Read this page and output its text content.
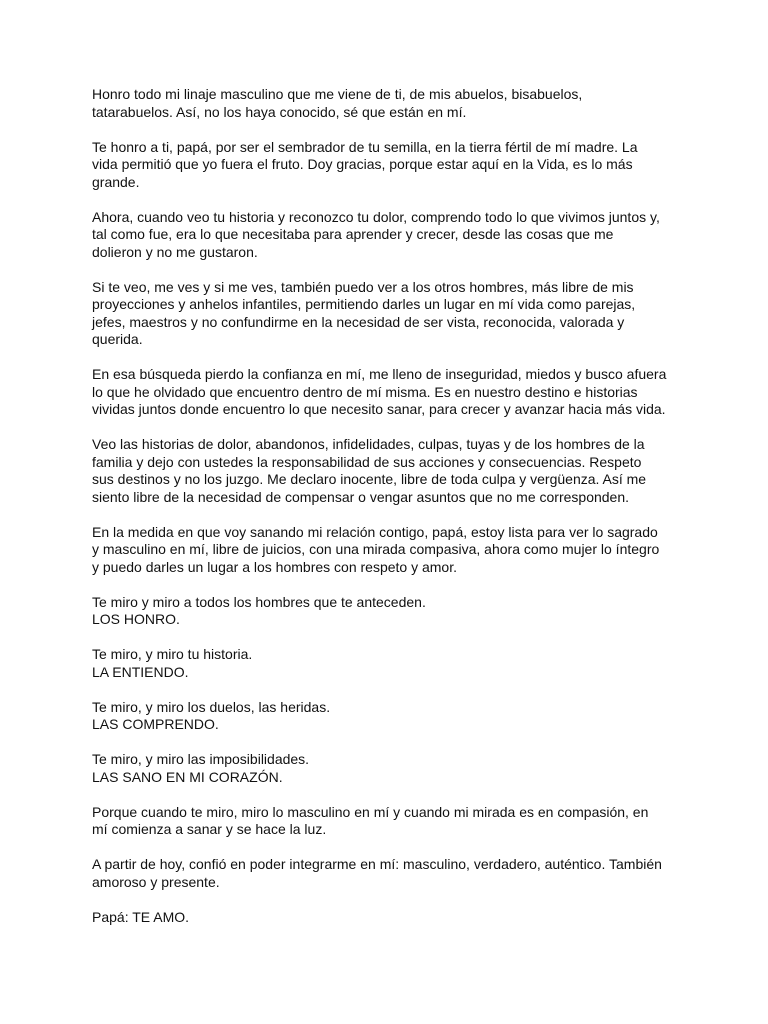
Honro todo mi linaje masculino que me viene de ti, de mis abuelos, bisabuelos,
tatarabuelos. Así, no los haya conocido, sé que están en mí.

Te honro a ti, papá, por ser el sembrador de tu semilla, en la tierra fértil de mí madre. La
vida permitió que yo fuera el fruto. Doy gracias, porque estar aquí en la Vida, es lo más
grande.

Ahora, cuando veo tu historia y reconozco tu dolor, comprendo todo lo que vivimos juntos y,
tal como fue, era lo que necesitaba para aprender y crecer, desde las cosas que me
dolieron y no me gustaron.

Si te veo, me ves y si me ves, también puedo ver a los otros hombres, más libre de mis
proyecciones y anhelos infantiles, permitiendo darles un lugar en mí vida como parejas,
jefes, maestros y no confundirme en la necesidad de ser vista, reconocida, valorada y
querida.

En esa búsqueda pierdo la confianza en mí, me lleno de inseguridad, miedos y busco afuera
lo que he olvidado que encuentro dentro de mí misma. Es en nuestro destino e historias
vividas juntos donde encuentro lo que necesito sanar, para crecer y avanzar hacia más vida.

Veo las historias de dolor, abandonos, infidelidades, culpas, tuyas y de los hombres de la
familia y dejo con ustedes la responsabilidad de sus acciones y consecuencias. Respeto
sus destinos y no los juzgo. Me declaro inocente, libre de toda culpa y vergüenza. Así me
siento libre de la necesidad de compensar o vengar asuntos que no me corresponden.

En la medida en que voy sanando mi relación contigo, papá, estoy lista para ver lo sagrado
y masculino en mí, libre de juicios, con una mirada compasiva, ahora como mujer lo íntegro
y puedo darles un lugar a los hombres con respeto y amor.

Te miro y miro a todos los hombres que te anteceden.
LOS HONRO.

Te miro, y miro tu historia.
LA ENTIENDO.

Te miro, y miro los duelos, las heridas.
LAS COMPRENDO.

Te miro, y miro las imposibilidades.
LAS SANO EN MI CORAZÓN.

Porque cuando te miro, miro lo masculino en mí y cuando mi mirada es en compasión, en
mí comienza a sanar y se hace la luz.

A partir de hoy, confió en poder integrarme en mí: masculino, verdadero, auténtico. También
amoroso y presente.

Papá: TE AMO.
